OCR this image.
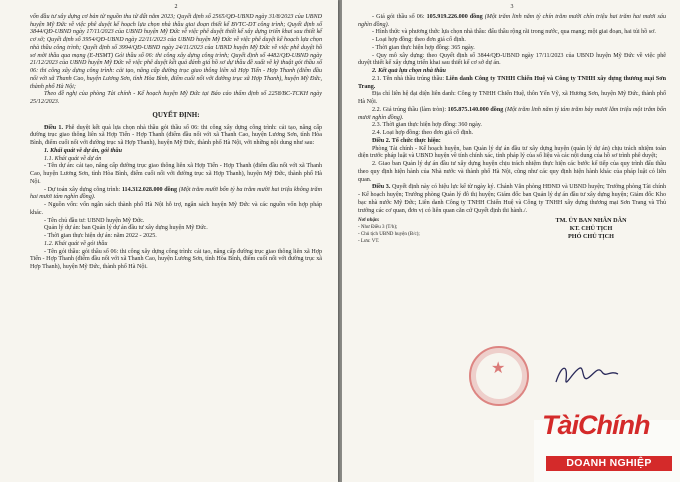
2

vốn đầu tư xây dựng cơ bản từ nguồn thu từ đất năm 2023; Quyết định số 2565/QĐ-UBND ngày 31/8/2023 của UBND huyện Mỹ Đức về việc phê duyệt kế hoạch lựa chọn nhà thầu giai đoạn thiết kế BVTC-DT công trình; Quyết định số 3844/QĐ-UBND ngày 17/11/2023 của UBND huyện Mỹ Đức về việc phê duyệt thiết kế xây dựng triển khai sau thiết kế cơ sở; Quyết định số 3954/QĐ-UBND ngày 22/11/2023 của UBND huyện Mỹ Đức về việc phê duyệt kế hoạch lựa chọn nhà thầu công trình; Quyết định số 3994/QĐ-UBND ngày 24/11/2023 của UBND huyện Mỹ Đức về việc phê duyệt hồ sơ mời thầu qua mạng (E-HSMT) Gói thầu số 06: thi công xây dựng công trình; Quyết định số 4482/QĐ-UBND ngày 21/12/2023 của UBND huyện Mỹ Đức về việc phê duyệt kết quả đánh giá hồ sơ dự thầu đề xuất về kỹ thuật gói thầu số 06: thi công xây dựng công trình: cải tạo, nâng cấp đường trục giao thông liên xã Hợp Tiến - Hợp Thanh (điểm đầu nối với xã Thanh Cao, huyện Lương Sơn, tỉnh Hòa Bình, điểm cuối nối với đường trục xã Hợp Thanh), huyện Mỹ Đức, thành phố Hà Nội;

Theo đề nghị của phòng Tài chính - Kế hoạch huyện Mỹ Đức tại Báo cáo thẩm định số 2258/BC-TCKH ngày 25/12/2023.

QUYẾT ĐỊNH:

Điều 1. Phê duyệt kết quả lựa chọn nhà thầu gói thầu số 06: thi công xây dựng công trình: cải tạo, nâng cấp đường trục giao thông liên xã Hợp Tiến - Hợp Thanh (điểm đầu nối với xã Thanh Cao, huyện Lương Sơn, tỉnh Hòa Bình, điểm cuối nối với đường trục xã Hợp Thanh), huyện Mỹ Đức, thành phố Hà Nội, với những nội dung như sau:

1. Khái quát về dự án, gói thầu

1.1. Khái quát về dự án

- Tên dự án: cải tạo, nâng cấp đường trục giao thông liên xã Hợp Tiến - Hợp Thanh (điểm đầu nối với xã Thanh Cao, huyện Lương Sơn, tỉnh Hòa Bình, điểm cuối nối với đường trục xã Hợp Thanh), huyện Mỹ Đức, thành phố Hà Nội.

- Dự toán xây dựng công trình: 114.312.028.000 đồng (Một trăm mười bốn tỷ ba trăm mười hai triệu không trăm hai mươi tám nghìn đồng).

- Nguồn vốn: vốn ngân sách thành phố Hà Nội hỗ trợ, ngân sách huyện Mỹ Đức và các nguồn vốn hợp pháp khác.

- Tên chủ đầu tư: UBND huyện Mỹ Đức.

Quản lý dự án: ban Quản lý dự án đầu tư xây dựng huyện Mỹ Đức.

- Thời gian thực hiện dự án: năm 2022 - 2025.

1.2. Khái quát về gói thầu

- Tên gói thầu: gói thầu số 06: thi công xây dựng công trình: cải tạo, nâng cấp đường trục giao thông liên xã Hợp Tiến - Hợp Thanh (điểm đầu nối với xã Thanh Cao, huyện Lương Sơn, tỉnh Hòa Bình, điểm cuối nối với đường trục xã Hợp Thanh), huyện Mỹ Đức, thành phố Hà Nội.

3

- Giá gói thầu số 06: 105.919.226.000 đồng (Một trăm linh năm tỷ chín trăm mười chín triệu hai trăm hai mươi sáu nghìn đồng).

- Hình thức và phương thức lựa chọn nhà thầu: đấu thầu rộng rãi trong nước, qua mạng; một giai đoạn, hai túi hồ sơ.

- Loại hợp đồng: theo đơn giá cố định.

- Thời gian thực hiện hợp đồng: 365 ngày.

- Quy mô xây dựng: theo Quyết định số 3844/QĐ-UBND ngày 17/11/2023 của UBND huyện Mỹ Đức về việc phê duyệt thiết kế xây dựng triển khai sau thiết kế cơ sở dự án.

2. Kết quả lựa chọn nhà thầu

2.1. Tên nhà thầu trúng thầu: Liên danh Công ty TNHH Chiến Huệ và Công ty TNHH xây dựng thương mại Sơn Trang.

Địa chỉ liên hệ đại diện liên danh: Công ty TNHH Chiến Huệ, thôn Yến Vỹ, xã Hương Sơn, huyện Mỹ Đức, thành phố Hà Nội.

2.2. Giá trúng thầu (làm tròn): 105.875.140.000 đồng (Một trăm linh năm tỷ tám trăm bảy mươi lăm triệu một trăm bốn mươi nghìn đồng).

2.3. Thời gian thực hiện hợp đồng: 360 ngày.

2.4. Loại hợp đồng: theo đơn giá cố định.

Điều 2. Tổ chức thực hiện:

Phòng Tài chính - Kế hoạch huyện, ban Quản lý dự án đầu tư xây dựng huyện (quản lý dự án) chịu trách nhiệm toàn diện trước pháp luật và UBND huyện về tính chính xác, tính pháp lý của số liệu và các nội dung của hồ sơ trình phê duyệt;

2. Giao ban Quản lý dự án đầu tư xây dựng huyện chịu trách nhiệm thực hiện các bước kế tiếp của quy trình đấu thầu theo quy định hiện hành của Nhà nước và thành phố Hà Nội, cũng như các quy định hiện hành khác của pháp luật có liên quan.

Điều 3. Quyết định này có hiệu lực kể từ ngày ký. Chánh Văn phòng HĐND và UBND huyện; Trưởng phòng Tài chính - Kế hoạch huyện; Trưởng phòng Quản lý đô thị huyện; Giám đốc ban Quản lý dự án đầu tư xây dựng huyện; Giám đốc Kho bạc nhà nước Mỹ Đức; Liên danh Công ty TNHH Chiến Huệ và Công ty TNHH xây dựng thương mại Sơn Trang và Thủ trưởng các cơ quan, đơn vị có liên quan căn cứ Quyết định thi hành./.

Nơi nhận:
- Như Điều 3 (T/h);
- Chủ tịch UBND huyện (B/c);
- Lưu: VT.
TM. ỦY BAN NHÂN DÂN
KT. CHỦ TỊCH
PHÓ CHỦ TỊCH
★
TàiChính
DOANH NGHIỆP
